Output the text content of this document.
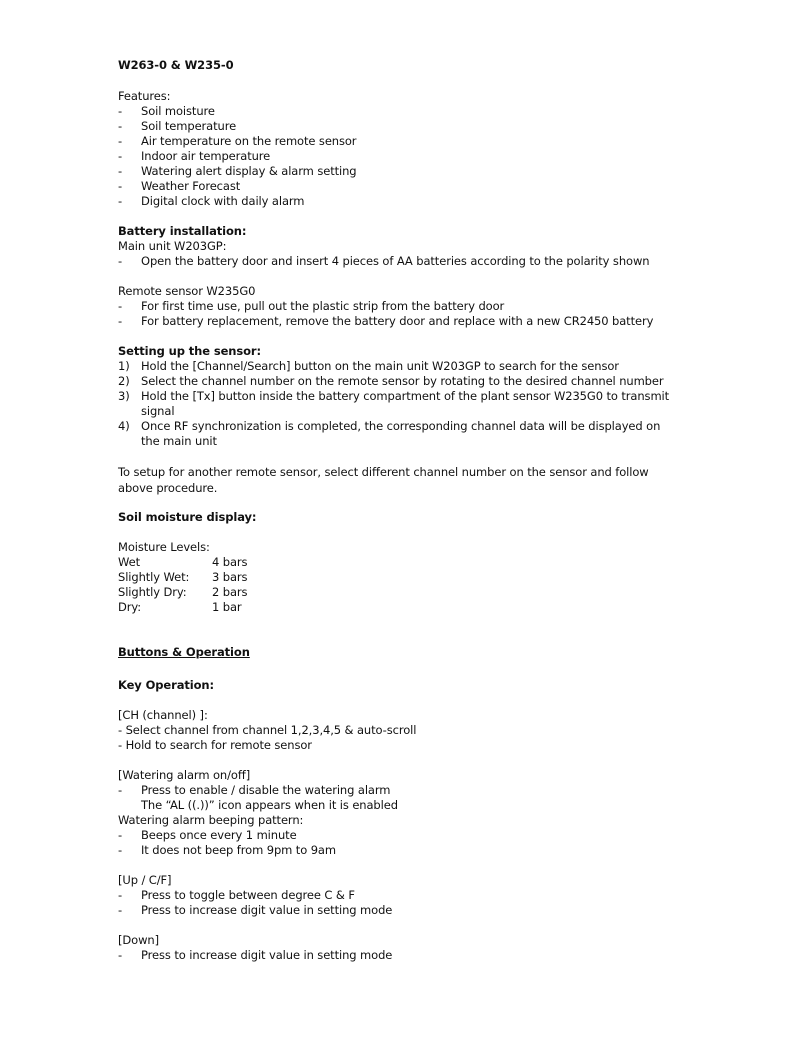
W263-0 & W235-0
Features:
-	Soil moisture
-	Soil temperature
-	Air temperature on the remote sensor
-	Indoor air temperature
-	Watering alert display & alarm setting
-	Weather Forecast
-	Digital clock with daily alarm
Battery installation:
Main unit W203GP:
-	Open the battery door and insert 4 pieces of AA batteries according to the polarity shown
Remote sensor W235G0
-	For first time use, pull out the plastic strip from the battery door
-	For battery replacement, remove the battery door and replace with a new CR2450 battery
Setting up the sensor:
1) Hold the [Channel/Search] button on the main unit W203GP to search for the sensor
2) Select the channel number on the remote sensor by rotating to the desired channel number
3) Hold the [Tx] button inside the battery compartment of the plant sensor W235G0 to transmit
signal
4) Once RF synchronization is completed, the corresponding channel data will be displayed on
the main unit
To setup for another remote sensor, select different channel number on the sensor and follow above procedure.
Soil moisture display:
Moisture Levels:
Wet	4 bars
Slightly Wet:	3 bars
Slightly Dry:	2 bars
Dry:	1 bar
Buttons & Operation
Key Operation:
[CH (channel) ]:
- Select channel from channel 1,2,3,4,5 & auto-scroll
- Hold to search for remote sensor
[Watering alarm on/off]
-	Press to enable / disable the watering alarm
The “AL ((.))” icon appears when it is enabled
Watering alarm beeping pattern:
-	Beeps once every 1 minute
-	It does not beep from 9pm to 9am
[Up / C/F]
-	Press to toggle between degree C & F
-	Press to increase digit value in setting mode
[Down]
-	Press to increase digit value in setting mode
